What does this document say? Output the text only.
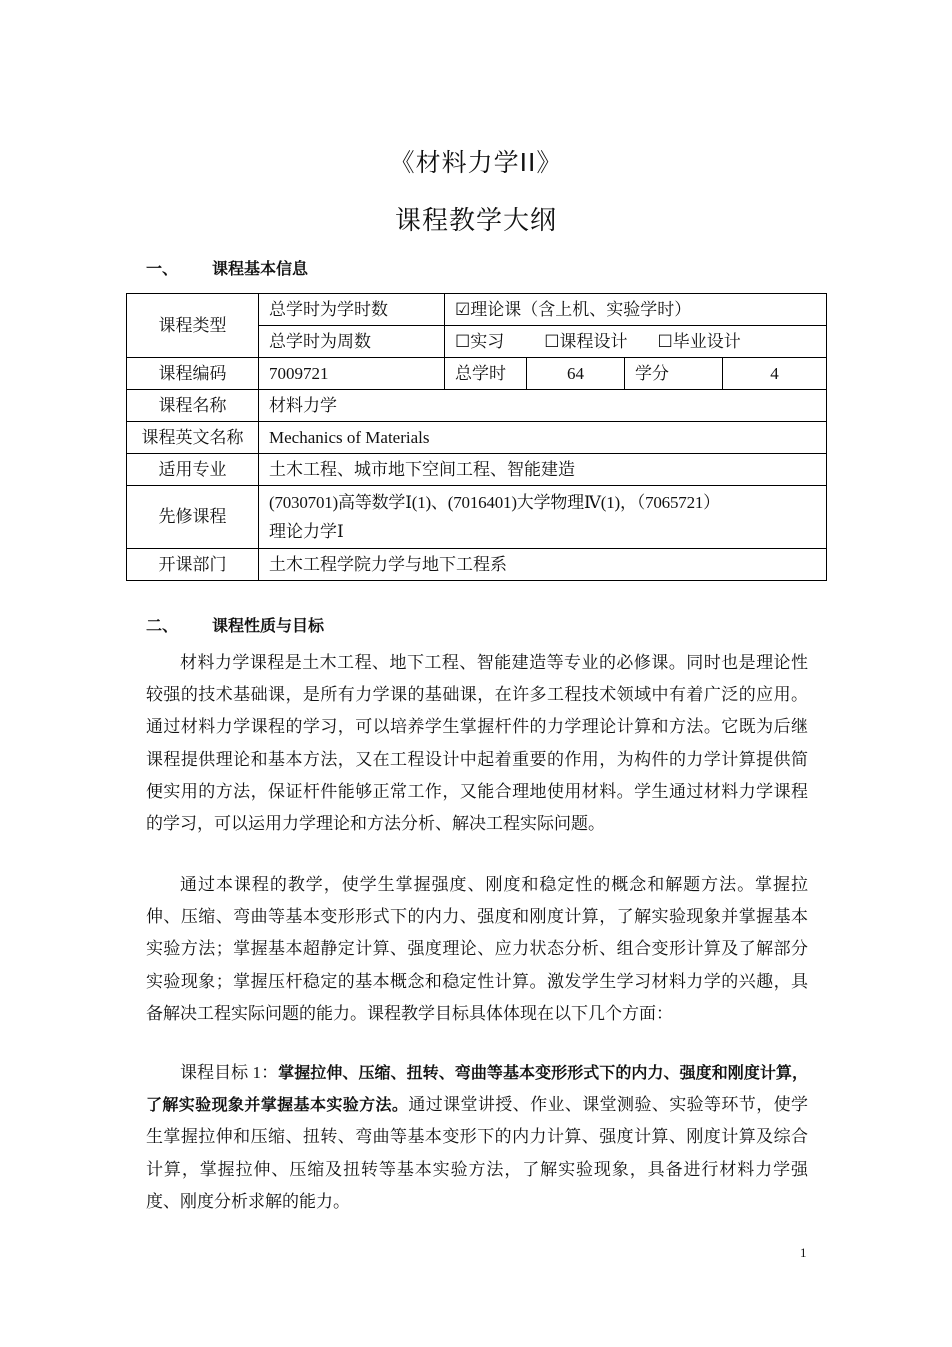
《材料力学II》
课程教学大纲
一、 课程基本信息
课程类型	总学时为学时数	☑理论课（含上机、实验学时）			
	总学时为周数	☐实习 ☐课程设计 ☐毕业设计			
课程编码	7009721	总学时	64	学分	4
课程名称	材料力学				
课程英文名称	Mechanics of Materials				
适用专业	土木工程、城市地下空间工程、智能建造				
先修课程	(7030701)高等数学Ⅰ(1)、(7016401)大学物理Ⅳ(1)，（7065721）
理论力学Ⅰ				

开课部门	土木工程学院力学与地下工程系				
二、 课程性质与目标

材料力学课程是土木工程、地下工程、智能建造等专业的必修课。同时也是理论性较强的技术基础课，是所有力学课的基础课，在许多工程技术领域中有着广泛的应用。通过材料力学课程的学习，可以培养学生掌握杆件的力学理论计算和方法。它既为后继课程提供理论和基本方法，又在工程设计中起着重要的作用，为构件的力学计算提供简便实用的方法，保证杆件能够正常工作，又能合理地使用材料。学生通过材料力学课程的学习，可以运用力学理论和方法分析、解决工程实际问题。

通过本课程的教学，使学生掌握强度、刚度和稳定性的概念和解题方法。掌握拉伸、压缩、弯曲等基本变形形式下的内力、强度和刚度计算，了解实验现象并掌握基本实验方法；掌握基本超静定计算、强度理论、应力状态分析、组合变形计算及了解部分实验现象；掌握压杆稳定的基本概念和稳定性计算。激发学生学习材料力学的兴趣，具备解决工程实际问题的能力。课程教学目标具体体现在以下几个方面：

课程目标 1：掌握拉伸、压缩、扭转、弯曲等基本变形形式下的内力、强度和刚度计算，了解实验现象并掌握基本实验方法。通过课堂讲授、作业、课堂测验、实验等环节，使学生掌握拉伸和压缩、扭转、弯曲等基本变形下的内力计算、强度计算、刚度计算及综合计算，掌握拉伸、压缩及扭转等基本实验方法，了解实验现象，具备进行材料力学强度、刚度分析求解的能力。

1
